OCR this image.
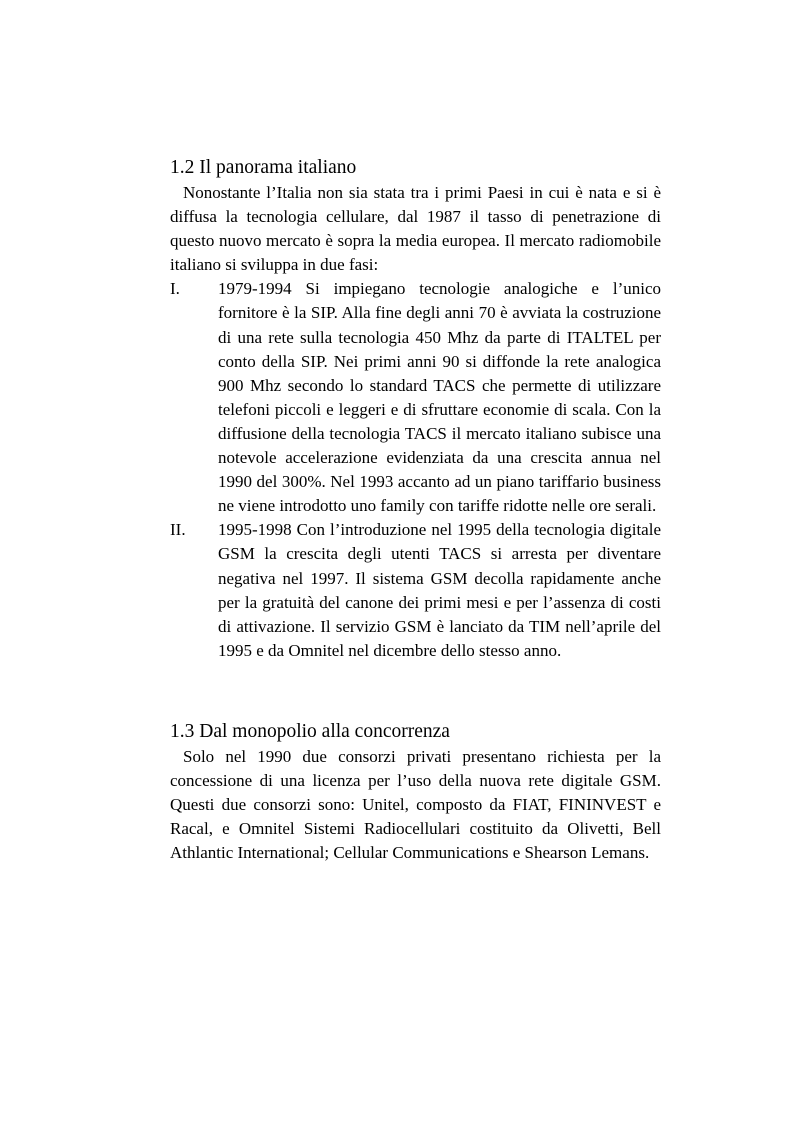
1.2 Il panorama italiano

Nonostante l’Italia non sia stata tra i primi Paesi in cui è nata e si è diffusa la tecnologia cellulare, dal 1987 il tasso di penetrazione di questo nuovo mercato è sopra la media europea. Il mercato radiomobile italiano si sviluppa in due fasi:

I.	1979-1994 Si impiegano tecnologie analogiche e l’unico fornitore è la SIP. Alla fine degli anni 70 è avviata la costruzione di una rete sulla tecnologia 450 Mhz da parte di ITALTEL per conto della SIP. Nei primi anni 90 si diffonde la rete analogica 900 Mhz secondo lo standard TACS che permette di utilizzare telefoni piccoli e leggeri e di sfruttare economie di scala. Con la diffusione della tecnologia TACS il mercato italiano subisce una notevole accelerazione evidenziata da una crescita annua nel 1990 del 300%. Nel 1993 accanto ad un piano tariffario business ne viene introdotto uno family con tariffe ridotte nelle ore serali.

II.	1995-1998 Con l’introduzione nel 1995 della tecnologia digitale GSM la crescita degli utenti TACS si arresta per diventare negativa nel 1997. Il sistema GSM decolla rapidamente anche per la gratuità del canone dei primi mesi e per l’assenza di costi di attivazione. Il servizio GSM è lanciato da TIM nell’aprile del 1995 e da Omnitel nel dicembre dello stesso anno.

1.3 Dal monopolio alla concorrenza

Solo nel 1990 due consorzi privati presentano richiesta per la concessione di una licenza per l’uso della nuova rete digitale GSM. Questi due consorzi sono: Unitel, composto da FIAT, FININVEST e Racal, e Omnitel Sistemi Radiocellulari costituito da Olivetti, Bell Athlantic International; Cellular Communications e Shearson Lemans.
